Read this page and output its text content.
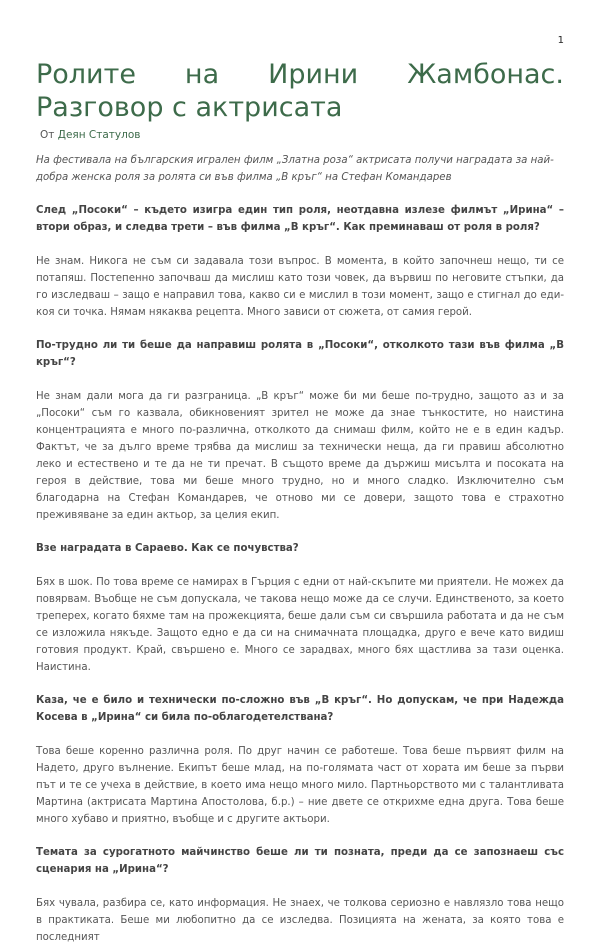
1
Ролите на Ирини Жамбонас. Разговор с актрисата
От Деян Статулов

На фестивала на българския игрален филм „Златна роза“ актрисата получи наградата за най-добра женска роля за ролята си във филма „В кръг“ на Стефан Командарев

След „Посоки“ – където изигра един тип роля, неотдавна излезе филмът „Ирина“ – втори образ, и следва трети – във филма „В кръг“. Как преминаваш от роля в роля?

Не знам. Никога не съм си задавала този въпрос. В момента, в който започнеш нещо, ти се потапяш. Постепенно започваш да мислиш като този човек, да вървиш по неговите стъпки, да го изследваш – защо е направил това, какво си е мислил в този момент, защо е стигнал до еди-коя си точка. Нямам някаква рецепта. Много зависи от сюжета, от самия герой.

По-трудно ли ти беше да направиш ролята в „Посоки“, отколкото тази във филма „В кръг“?

Не знам дали мога да ги разграница. „В кръг“ може би ми беше по-трудно, защото аз и за „Посоки“ съм го казвала, обикновеният зрител не може да знае тънкостите, но наистина концентрацията е много по-различна, отколкото да снимаш филм, който не е в един кадър. Фактът, че за дълго време трябва да мислиш за технически неща, да ги правиш абсолютно леко и естествено и те да не ти пречат. В същото време да държиш мисълта и посоката на героя в действие, това ми беше много трудно, но и много сладко. Изключително съм благодарна на Стефан Командарев, че отново ми се довери, защото това е страхотно преживяване за един актьор, за целия екип.

Взе наградата в Сараево. Как се почувства?

Бях в шок. По това време се намирах в Гърция с едни от най-скъпите ми приятели. Не можех да повярвам. Въобще не съм допускала, че такова нещо може да се случи. Единственото, за което треперех, когато бяхме там на прожекцията, беше дали съм си свършила работата и да не съм се изложила някъде. Защото едно е да си на снимачната площадка, друго е вече като видиш готовия продукт. Край, свършено е. Много се зарадвах, много бях щастлива за тази оценка. Наистина.

Каза, че е било и технически по-сложно във „В кръг“. Но допускам, че при Надежда Косева в „Ирина“ си била по-облагодетелствана?

Това беше коренно различна роля. По друг начин се работеше. Това беше първият филм на Надето, друго вълнение. Екипът беше млад, на по-голямата част от хората им беше за първи път и те се учеха в действие, в което има нещо много мило. Партньорството ми с талантливата Мартина (актрисата Мартина Апостолова, б.р.) – ние двете се открихме една друга. Това беше много хубаво и приятно, въобще и с другите актьори.

Темата за сурогатното майчинство беше ли ти позната, преди да се запознаеш със сценария на „Ирина“?

Бях чувала, разбира се, като информация. Не знаех, че толкова сериозно е навлязло това нещо в практиката. Беше ми любопитно да се изследва. Позицията на жената, за която това е последният
